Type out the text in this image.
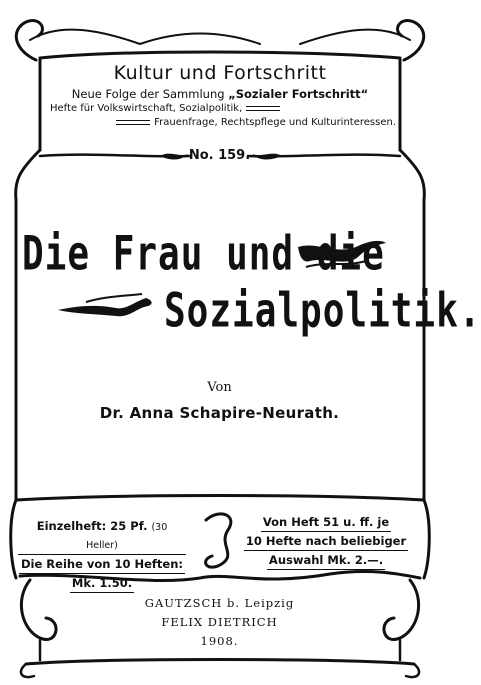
Kultur und Fortschritt
Neue Folge der Sammlung „Sozialer Fortschritt“
Hefte für Volkswirtschaft, Sozialpolitik,
Frauenfrage, Rechtspflege und Kulturinteressen.
No. 159.
Die Frau und die
Sozialpolitik.
Von
Dr. Anna Schapire-Neurath.
Einzelheft: 25 Pf. (30 Heller)
Die Reihe von 10 Heften:
Mk. 1.50.
Von Heft 51 u. ff. je
10 Hefte nach beliebiger
Auswahl Mk. 2.—.
GAUTZSCH b. Leipzig
FELIX DIETRICH
1908.
